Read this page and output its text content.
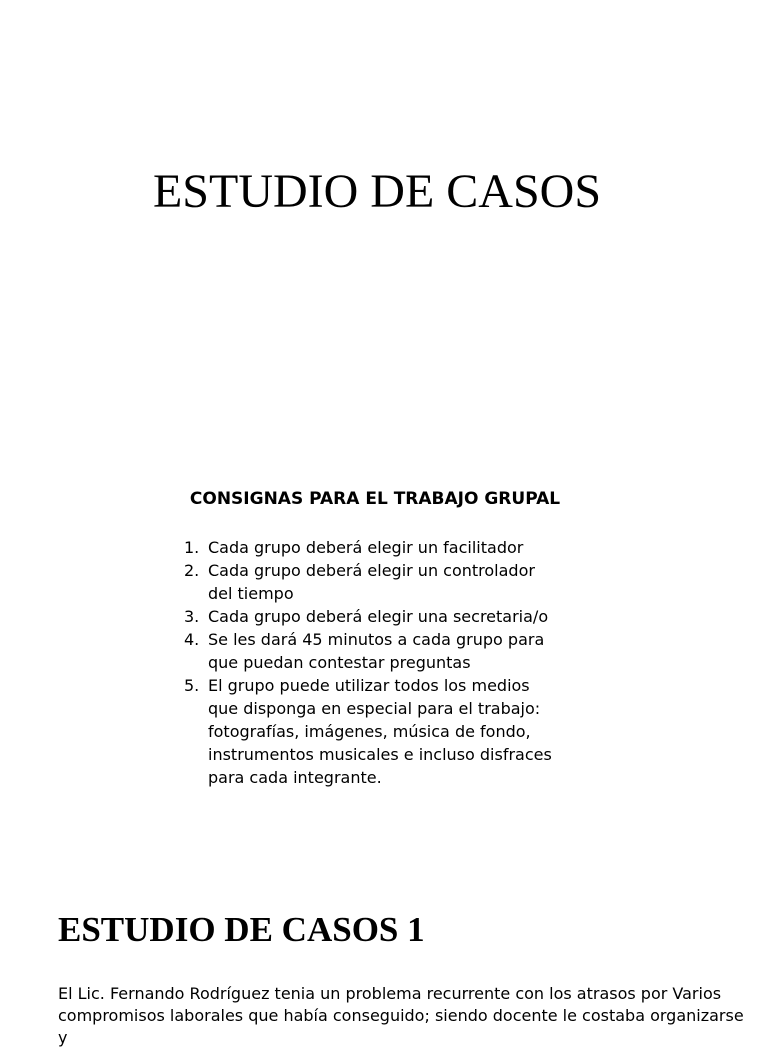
ESTUDIO DE CASOS
CONSIGNAS PARA EL TRABAJO GRUPAL
1. Cada grupo deberá elegir un facilitador
2. Cada grupo deberá elegir un controlador del tiempo
3. Cada grupo deberá elegir una secretaria/o
4. Se les dará 45 minutos a cada grupo para que puedan contestar preguntas
5. El grupo puede utilizar todos los medios que disponga en especial para el trabajo: fotografías, imágenes, música de fondo, instrumentos musicales e incluso disfraces para cada integrante.
ESTUDIO DE CASOS 1

El Lic. Fernando Rodríguez tenia un problema recurrente con los atrasos por Varios compromisos laborales que había conseguido; siendo docente le costaba organizarse y
